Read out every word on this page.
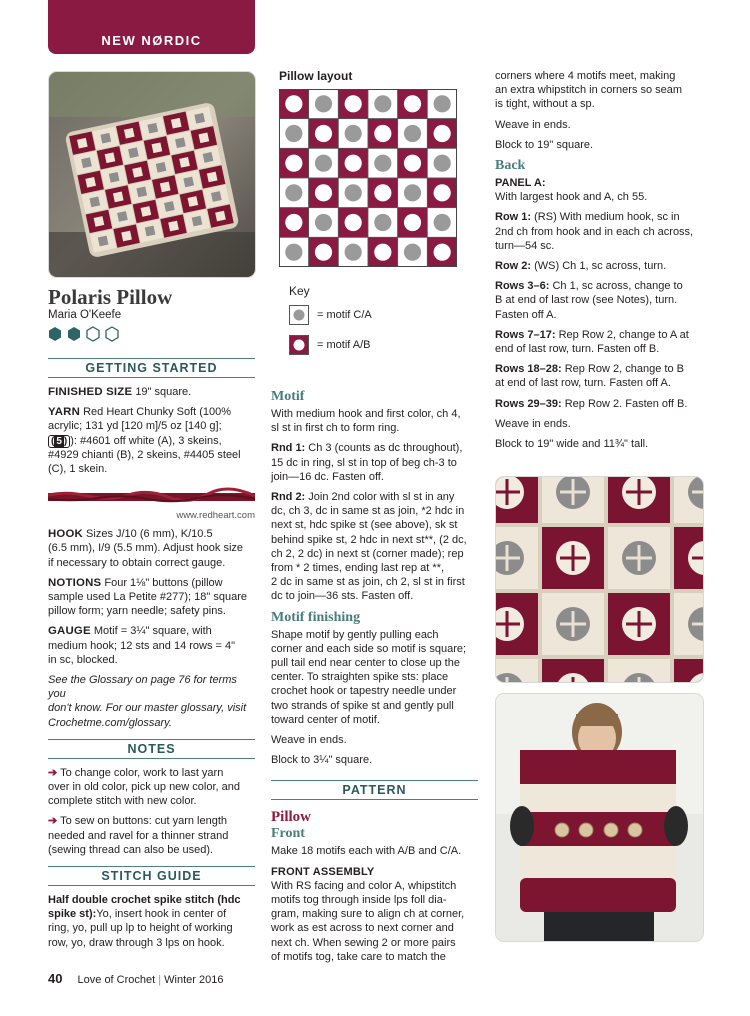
NEW NØRDIC
Polaris Pillow
Maria O'Keefe
GETTING STARTED
FINISHED SIZE 19" square.
YARN Red Heart Chunky Soft (100%
acrylic; 131 yd [120 m]/5 oz [140 g];
( 5 ) ): #4601 off white (A), 3 skeins,
#4929 chianti (B), 2 skeins, #4405 steel
(C), 1 skein.
www.redheart.com
HOOK Sizes J/10 (6 mm), K/10.5
(6.5 mm), I/9 (5.5 mm). Adjust hook size
if necessary to obtain correct gauge.
NOTIONS Four 1⅛" buttons (pillow
sample used La Petite #277); 18" square
pillow form; yarn needle; safety pins.
GAUGE Motif = 3¼" square, with
medium hook; 12 sts and 14 rows = 4"
in sc, blocked.
See the Glossary on page 76 for terms you
don't know. For our master glossary, visit
Crochetme.com/glossary.
NOTES
➔ To change color, work to last yarn
over in old color, pick up new color, and
complete stitch with new color.
➔ To sew on buttons: cut yarn length
needed and ravel for a thinner strand
(sewing thread can also be used).
STITCH GUIDE
Half double crochet spike stitch (hdc
spike st):Yo, insert hook in center of
ring, yo, pull up lp to height of working
row, yo, draw through 3 lps on hook.
Pillow layout
Key
= motif C/A
= motif A/B
Motif
With medium hook and first color, ch 4,
sl st in first ch to form ring.
Rnd 1: Ch 3 (counts as dc throughout),
15 dc in ring, sl st in top of beg ch-3 to
join—16 dc. Fasten off.
Rnd 2: Join 2nd color with sl st in any
dc, ch 3, dc in same st as join, *2 hdc in
next st, hdc spike st (see above), sk st
behind spike st, 2 hdc in next st**, (2 dc,
ch 2, 2 dc) in next st (corner made); rep
from * 2 times, ending last rep at **,
2 dc in same st as join, ch 2, sl st in first
dc to join—36 sts. Fasten off.
Motif finishing
Shape motif by gently pulling each
corner and each side so motif is square;
pull tail end near center to close up the
center. To straighten spike sts: place
crochet hook or tapestry needle under
two strands of spike st and gently pull
toward center of motif.
Weave in ends.
Block to 3¼" square.
PATTERN
Pillow
Front
Make 18 motifs each with A/B and C/A.
FRONT ASSEMBLY
With RS facing and color A, whipstitch
motifs tog through inside lps foll dia-
gram, making sure to align ch at corner,
work as est across to next corner and
next ch. When sewing 2 or more pairs
of motifs tog, take care to match the
corners where 4 motifs meet, making
an extra whipstitch in corners so seam
is tight, without a sp.
Weave in ends.
Block to 19" square.
Back
PANEL A:
With largest hook and A, ch 55.
Row 1: (RS) With medium hook, sc in
2nd ch from hook and in each ch across,
turn—54 sc.
Row 2: (WS) Ch 1, sc across, turn.
Rows 3–6: Ch 1, sc across, change to
B at end of last row (see Notes), turn.
Fasten off A.
Rows 7–17: Rep Row 2, change to A at
end of last row, turn. Fasten off B.
Rows 18–28: Rep Row 2, change to B
at end of last row, turn. Fasten off A.
Rows 29–39: Rep Row 2. Fasten off B.
Weave in ends.
Block to 19" wide and 11¾" tall.
40 Love of Crochet | Winter 2016
